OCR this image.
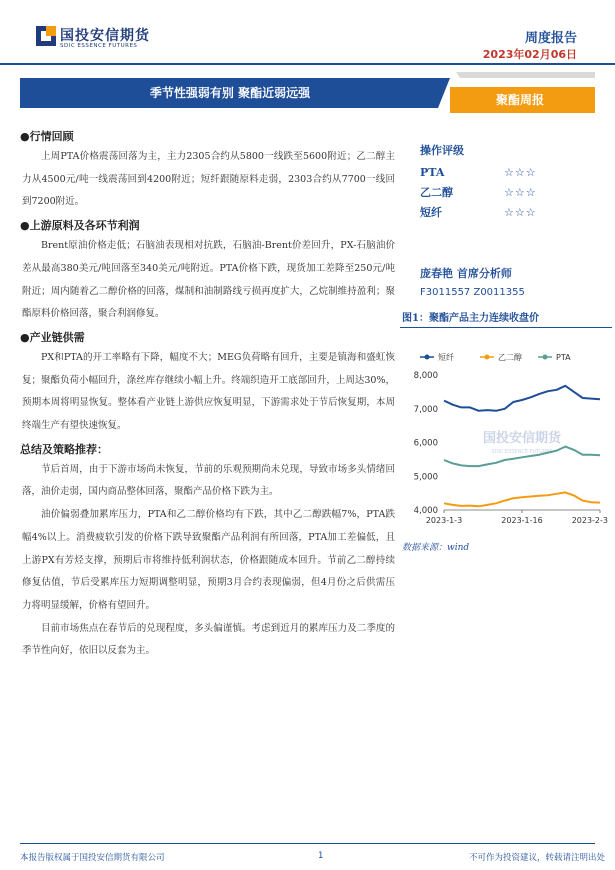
国投安信期货
SDIC ESSENCE FUTURES	周度报告
2023年02月06日
季节性强弱有别 聚酯近弱远强	聚酯周报
●行情回顾

上周PTA价格震荡回落为主，主力2305合约从5800一线跌至5600附近；乙二醇主力从4500元/吨一线震荡回到4200附近；短纤跟随原料走弱，2303合约从7700一线回到7200附近。

●上游原料及各环节利润

Brent原油价格走低；石脑油表现相对抗跌，石脑油-Brent价差回升，PX-石脑油价差从最高380美元/吨回落至340美元/吨附近。PTA价格下跌，现货加工差降至250元/吨附近；周内随着乙二醇价格的回落，煤制和油制路线亏损再度扩大，乙烷制维持盈利；聚酯原料价格回落，聚合利润修复。

●产业链供需

PX和PTA的开工率略有下降，幅度不大；MEG负荷略有回升，主要是镇海和盛虹恢复；聚酯负荷小幅回升，涤丝库存继续小幅上升。终端织造开工底部回升，上周达30%，预期本周将明显恢复。整体看产业链上游供应恢复明显，下游需求处于节后恢复期，本周终端生产有望快速恢复。

总结及策略推荐：

节后首周，由于下游市场尚未恢复，节前的乐观预期尚未兑现，导致市场多头情绪回落，油价走弱，国内商品整体回落，聚酯产品价格下跌为主。

油价偏弱叠加累库压力，PTA和乙二醇价格均有下跌，其中乙二醇跌幅7%，PTA跌幅4%以上。消费疲软引发的价格下跌导致聚酯产品利润有所回落，PTA加工差偏低，且上游PX有芳烃支撑，预期后市将维持低利润状态，价格跟随成本回升。节前乙二醇持续修复估值，节后受累库压力短期调整明显，预期3月合约表现偏弱，但4月份之后供需压力将明显缓解，价格有望回升。

目前市场焦点在春节后的兑现程度，多头偏谨慎。考虑到近月的累库压力及二季度的季节性向好，依旧以反套为主。

操作评级
PTA	☆☆☆
乙二醇	☆☆☆
短纤	☆☆☆
庞春艳 首席分析师
F3011557 Z0011355
图1：聚酯产品主力连续收盘价
国投安信期货
SDIC ESSENCE FUTURES
短纤	乙二醇	PTA
4,000
5,000
6,000
7,000
8,000
2023-1-3	2023-1-16	2023-2-3
数据来源：wind
本报告版权属于国投安信期货有限公司	1	不可作为投资建议，转载请注明出处
